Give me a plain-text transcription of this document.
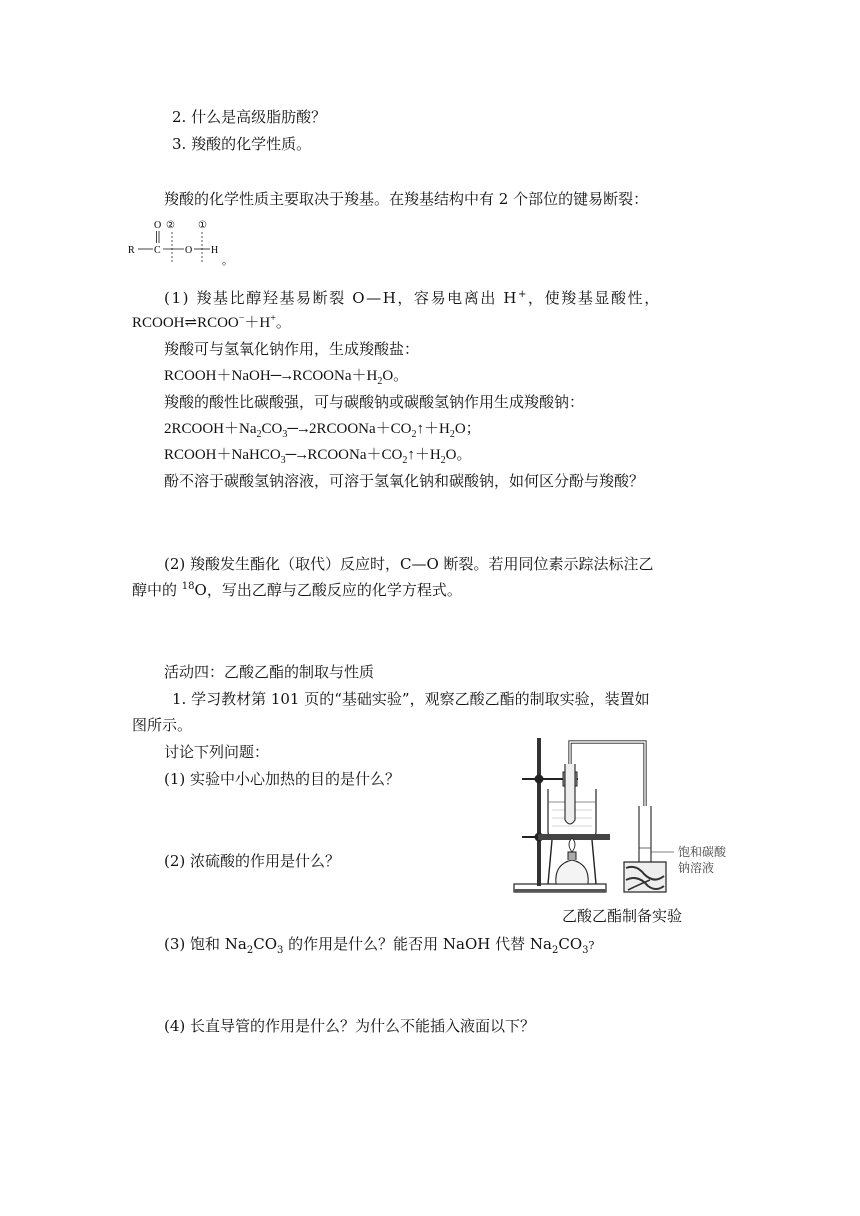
2. 什么是高级脂肪酸？
3. 羧酸的化学性质。
羧酸的化学性质主要取决于羧基。在羧基结构中有 2 个部位的键易断裂：
O ② ①
R C O H
。
(1) 羧基比醇羟基易断裂 O—H，容易电离出 H+，使羧基显酸性，
RCOOH⇌RCOO−＋H+。
羧酸可与氢氧化钠作用，生成羧酸盐：
$RCOOH+NaOH─\to RCOONa+H_2O$。
羧酸的酸性比碳酸强，可与碳酸钠或碳酸氢钠作用生成羧酸钠：
$2RCOOH+Na_2CO_3─\to 2RCOONa+CO_2↑+H_2O$；
$RCOOH+NaHCO_3─\to RCOONa+CO_2↑+H_2O$。
酚不溶于碳酸氢钠溶液，可溶于氢氧化钠和碳酸钠，如何区分酚与羧酸？
(2) 羧酸发生酯化（取代）反应时，C—O 断裂。若用同位素示踪法标注乙
醇中的 $^{18}$O，写出乙醇与乙酸反应的化学方程式。
活动四：乙酸乙酯的制取与性质
1. 学习教材第 101 页的“基础实验”，观察乙酸乙酯的制取实验，装置如
图所示。
讨论下列问题：
(1) 实验中小心加热的目的是什么？
(2) 浓硫酸的作用是什么？
(3) 饱和 $Na_2CO_3$ 的作用是什么？能否用 NaOH 代替 $Na_2CO_3$?
(4) 长直导管的作用是什么？为什么不能插入液面以下？
饱和碳酸
钠溶液
乙酸乙酯制备实验
